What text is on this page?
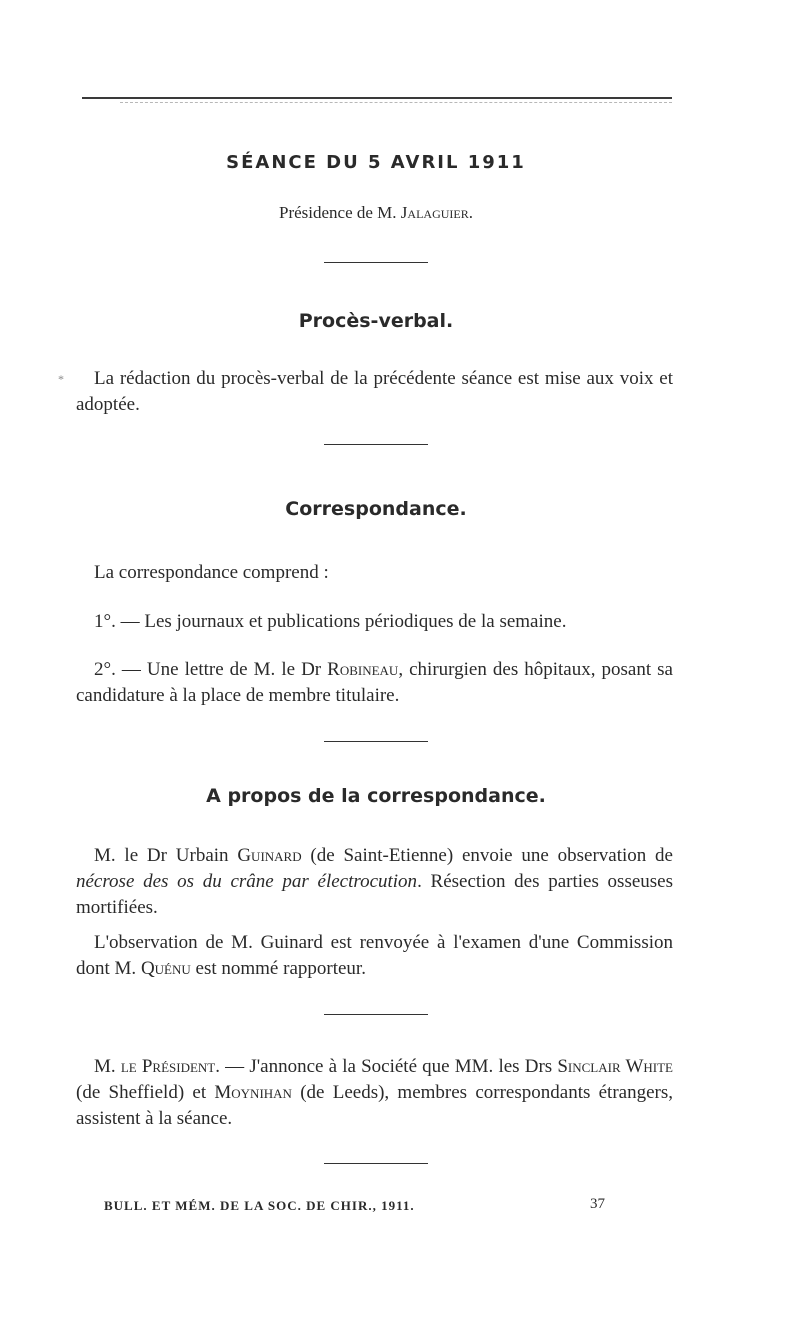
SÉANCE DU 5 AVRIL 1911
Présidence de M. Jalaguier.
Procès-verbal.
*	La rédaction du procès-verbal de la précédente séance est mise aux voix et adoptée.
Correspondance.
La correspondance comprend :
1°. — Les journaux et publications périodiques de la semaine.
2°. — Une lettre de M. le Dr Robineau, chirurgien des hôpitaux, posant sa candidature à la place de membre titulaire.
A propos de la correspondance.
M. le Dr Urbain Guinard (de Saint-Etienne) envoie une observation de nécrose des os du crâne par électrocution. Résection des parties osseuses mortifiées.
L'observation de M. Guinard est renvoyée à l'examen d'une Commission dont M. Quénu est nommé rapporteur.
M. le Président. — J'annonce à la Société que MM. les Drs Sinclair White (de Sheffield) et Moynihan (de Leeds), membres correspondants étrangers, assistent à la séance.
BULL. ET MÉM. DE LA SOC. DE CHIR., 1911.	37
